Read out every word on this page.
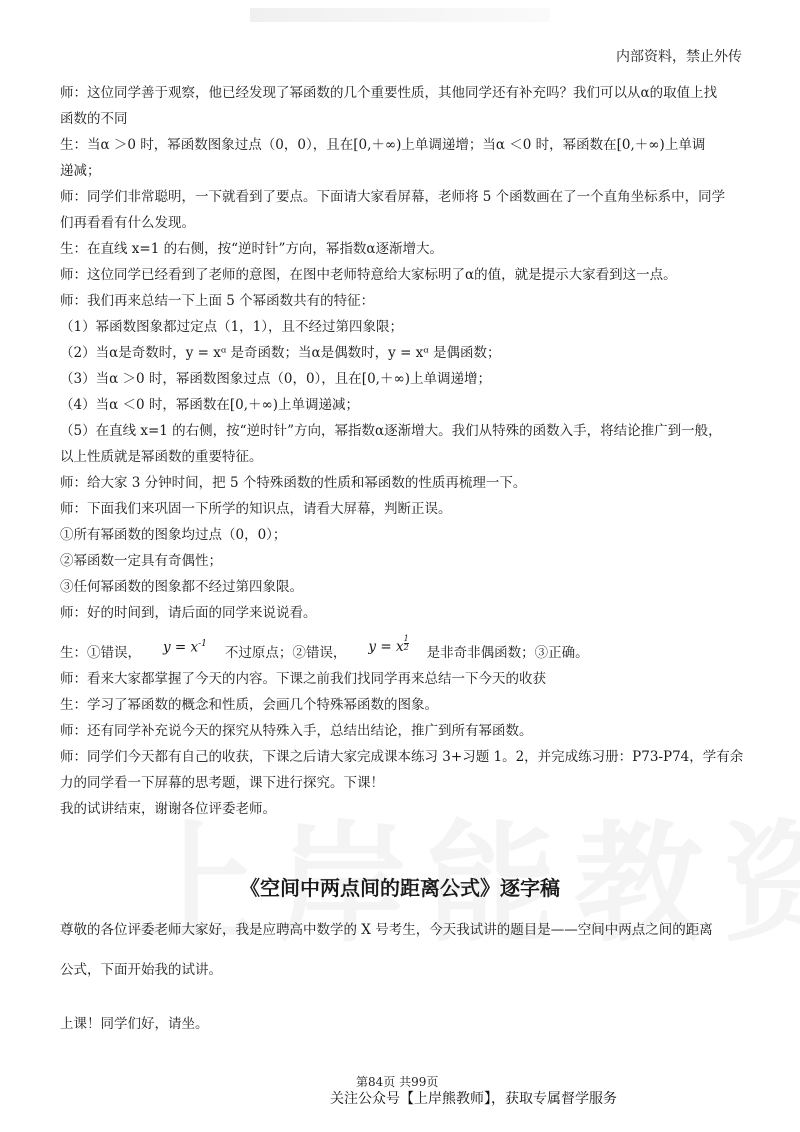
内部资料，禁止外传
师：这位同学善于观察，他已经发现了幂函数的几个重要性质，其他同学还有补充吗？我们可以从α的取值上找
函数的不同
生：当α ＞0 时，幂函数图象过点（0，0），且在[0,＋∞)上单调递增；当α ＜0 时，幂函数在[0,＋∞)上单调
递减；
师：同学们非常聪明，一下就看到了要点。下面请大家看屏幕，老师将 5 个函数画在了一个直角坐标系中，同学
们再看看有什么发现。
生：在直线 x=1 的右侧，按“逆时针”方向，幂指数α逐渐增大。
师：这位同学已经看到了老师的意图，在图中老师特意给大家标明了α的值，就是提示大家看到这一点。
师：我们再来总结一下上面 5 个幂函数共有的特征：
（1）幂函数图象都过定点（1，1），且不经过第四象限；
（2）当α是奇数时，y = xᵅ 是奇函数；当α是偶数时，y = xᵅ 是偶函数；
（3）当α ＞0 时，幂函数图象过点（0，0），且在[0,＋∞)上单调递增；
（4）当α ＜0 时，幂函数在[0,＋∞)上单调递减；
（5）在直线 x=1 的右侧，按“逆时针”方向，幂指数α逐渐增大。我们从特殊的函数入手，将结论推广到一般，
以上性质就是幂函数的重要特征。
师：给大家 3 分钟时间，把 5 个特殊函数的性质和幂函数的性质再梳理一下。
师：下面我们来巩固一下所学的知识点，请看大屏幕，判断正误。
①所有幂函数的图象均过点（0，0）；
②幂函数一定具有奇偶性；
③任何幂函数的图象都不经过第四象限。
师：好的时间到，请后面的同学来说说看。
生：①错误， $y = x^{-1}$
不过原点；②错误， y = x $\frac{1}{2}$
是非奇非偶函数；③正确。
师：看来大家都掌握了今天的内容。下课之前我们找同学再来总结一下今天的收获
生：学习了幂函数的概念和性质，会画几个特殊幂函数的图象。
师：还有同学补充说今天的探究从特殊入手，总结出结论，推广到所有幂函数。
师：同学们今天都有自己的收获，下课之后请大家完成课本练习 3+习题 1。2，并完成练习册：P73-P74，学有余
力的同学看一下屏幕的思考题，课下进行探究。下课！
我的试讲结束，谢谢各位评委老师。
《空间中两点间的距离公式》逐字稿
尊敬的各位评委老师大家好，我是应聘高中数学的 X 号考生，今天我试讲的题目是——空间中两点之间的距离
公式，下面开始我的试讲。
上课！同学们好，请坐。
第84页 共99页
关注公众号【上岸熊教师】，获取专属督学服务
